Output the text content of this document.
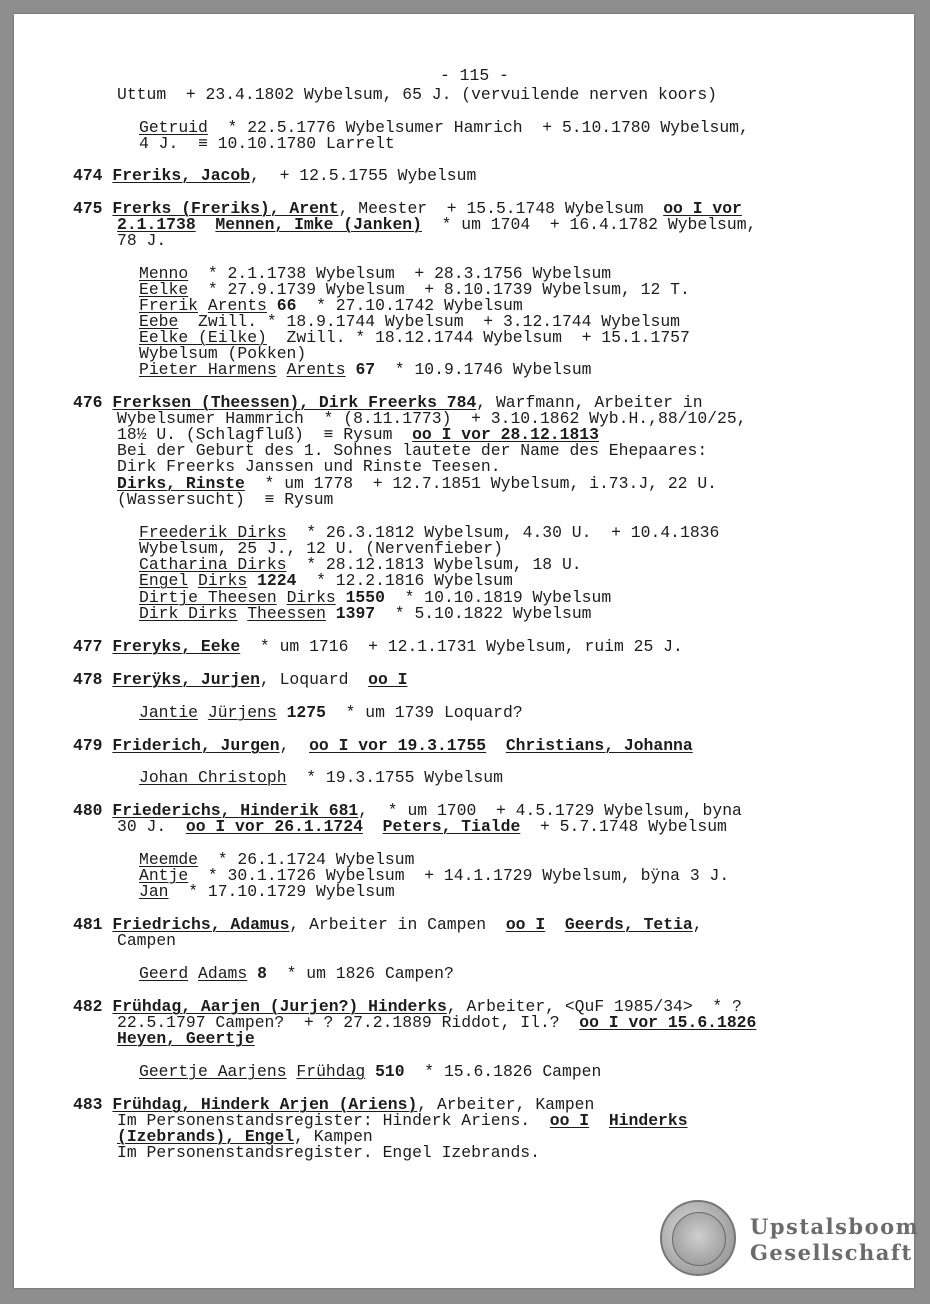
- 115 -
Uttum  + 23.4.1802 Wybelsum, 65 J. (vervuilende nerven koors)
Getruid  * 22.5.1776 Wybelsumer Hamrich  + 5.10.1780 Wybelsum,
4 J.  ≡ 10.10.1780 Larrelt
474 Freriks, Jacob,  + 12.5.1755 Wybelsum
475 Frerks (Freriks), Arent, Meester  + 15.5.1748 Wybelsum  oo I vor
2.1.1738 Mennen, Imke (Janken)  * um 1704  + 16.4.1782 Wybelsum,
78 J.
Menno  * 2.1.1738 Wybelsum  + 28.3.1756 Wybelsum
Eelke  * 27.9.1739 Wybelsum  + 8.10.1739 Wybelsum, 12 T.
Frerik Arents 66  * 27.10.1742 Wybelsum
Eebe  Zwill. * 18.9.1744 Wybelsum  + 3.12.1744 Wybelsum
Eelke (Eilke)  Zwill. * 18.12.1744 Wybelsum  + 15.1.1757
Wybelsum (Pokken)
Pieter Harmens Arents 67  * 10.9.1746 Wybelsum
476 Frerksen (Theessen), Dirk Freerks 784, Warfmann, Arbeiter in
Wybelsumer Hammrich  * (8.11.1773)  + 3.10.1862 Wyb.H.,88/10/25,
18½ U. (Schlagfluß)  ≡ Rysum  oo I vor 28.12.1813
Bei der Geburt des 1. Sohnes lautete der Name des Ehepaares:
Dirk Freerks Janssen und Rinste Teesen.
Dirks, Rinste  * um 1778  + 12.7.1851 Wybelsum, i.73.J, 22 U.
(Wassersucht)  ≡ Rysum
Freederik Dirks  * 26.3.1812 Wybelsum, 4.30 U.  + 10.4.1836
Wybelsum, 25 J., 12 U. (Nervenfieber)
Catharina Dirks  * 28.12.1813 Wybelsum, 18 U.
Engel Dirks 1224  * 12.2.1816 Wybelsum
Dirtje Theesen Dirks 1550  * 10.10.1819 Wybelsum
Dirk Dirks Theessen 1397  * 5.10.1822 Wybelsum
477 Freryks, Eeke  * um 1716  + 12.1.1731 Wybelsum, ruim 25 J.
478 Frerÿks, Jurjen, Loquard  oo I
Jantie Jürjens 1275  * um 1739 Loquard?
479 Friderich, Jurgen,  oo I vor 19.3.1755 Christians, Johanna
Johan Christoph  * 19.3.1755 Wybelsum
480 Friederichs, Hinderik 681,  * um 1700  + 4.5.1729 Wybelsum, byna
30 J.  oo I vor 26.1.1724 Peters, Tialde  + 5.7.1748 Wybelsum
Meemde  * 26.1.1724 Wybelsum
Antje  * 30.1.1726 Wybelsum  + 14.1.1729 Wybelsum, bÿna 3 J.
Jan  * 17.10.1729 Wybelsum
481 Friedrichs, Adamus, Arbeiter in Campen  oo I Geerds, Tetia,
Campen
Geerd Adams 8  * um 1826 Campen?
482 Frühdag, Aarjen (Jurjen?) Hinderks, Arbeiter, <QuF 1985/34>  * ?
22.5.1797 Campen?  + ? 27.2.1889 Riddot, Il.?  oo I vor 15.6.1826
Heyen, Geertje
Geertje Aarjens Frühdag 510  * 15.6.1826 Campen
483 Frühdag, Hinderk Arjen (Ariens), Arbeiter, Kampen
Im Personenstandsregister: Hinderk Ariens.  oo I Hinderks
(Izebrands), Engel, Kampen
Im Personenstandsregister. Engel Izebrands.
Upstalsboom
Gesellschaft
